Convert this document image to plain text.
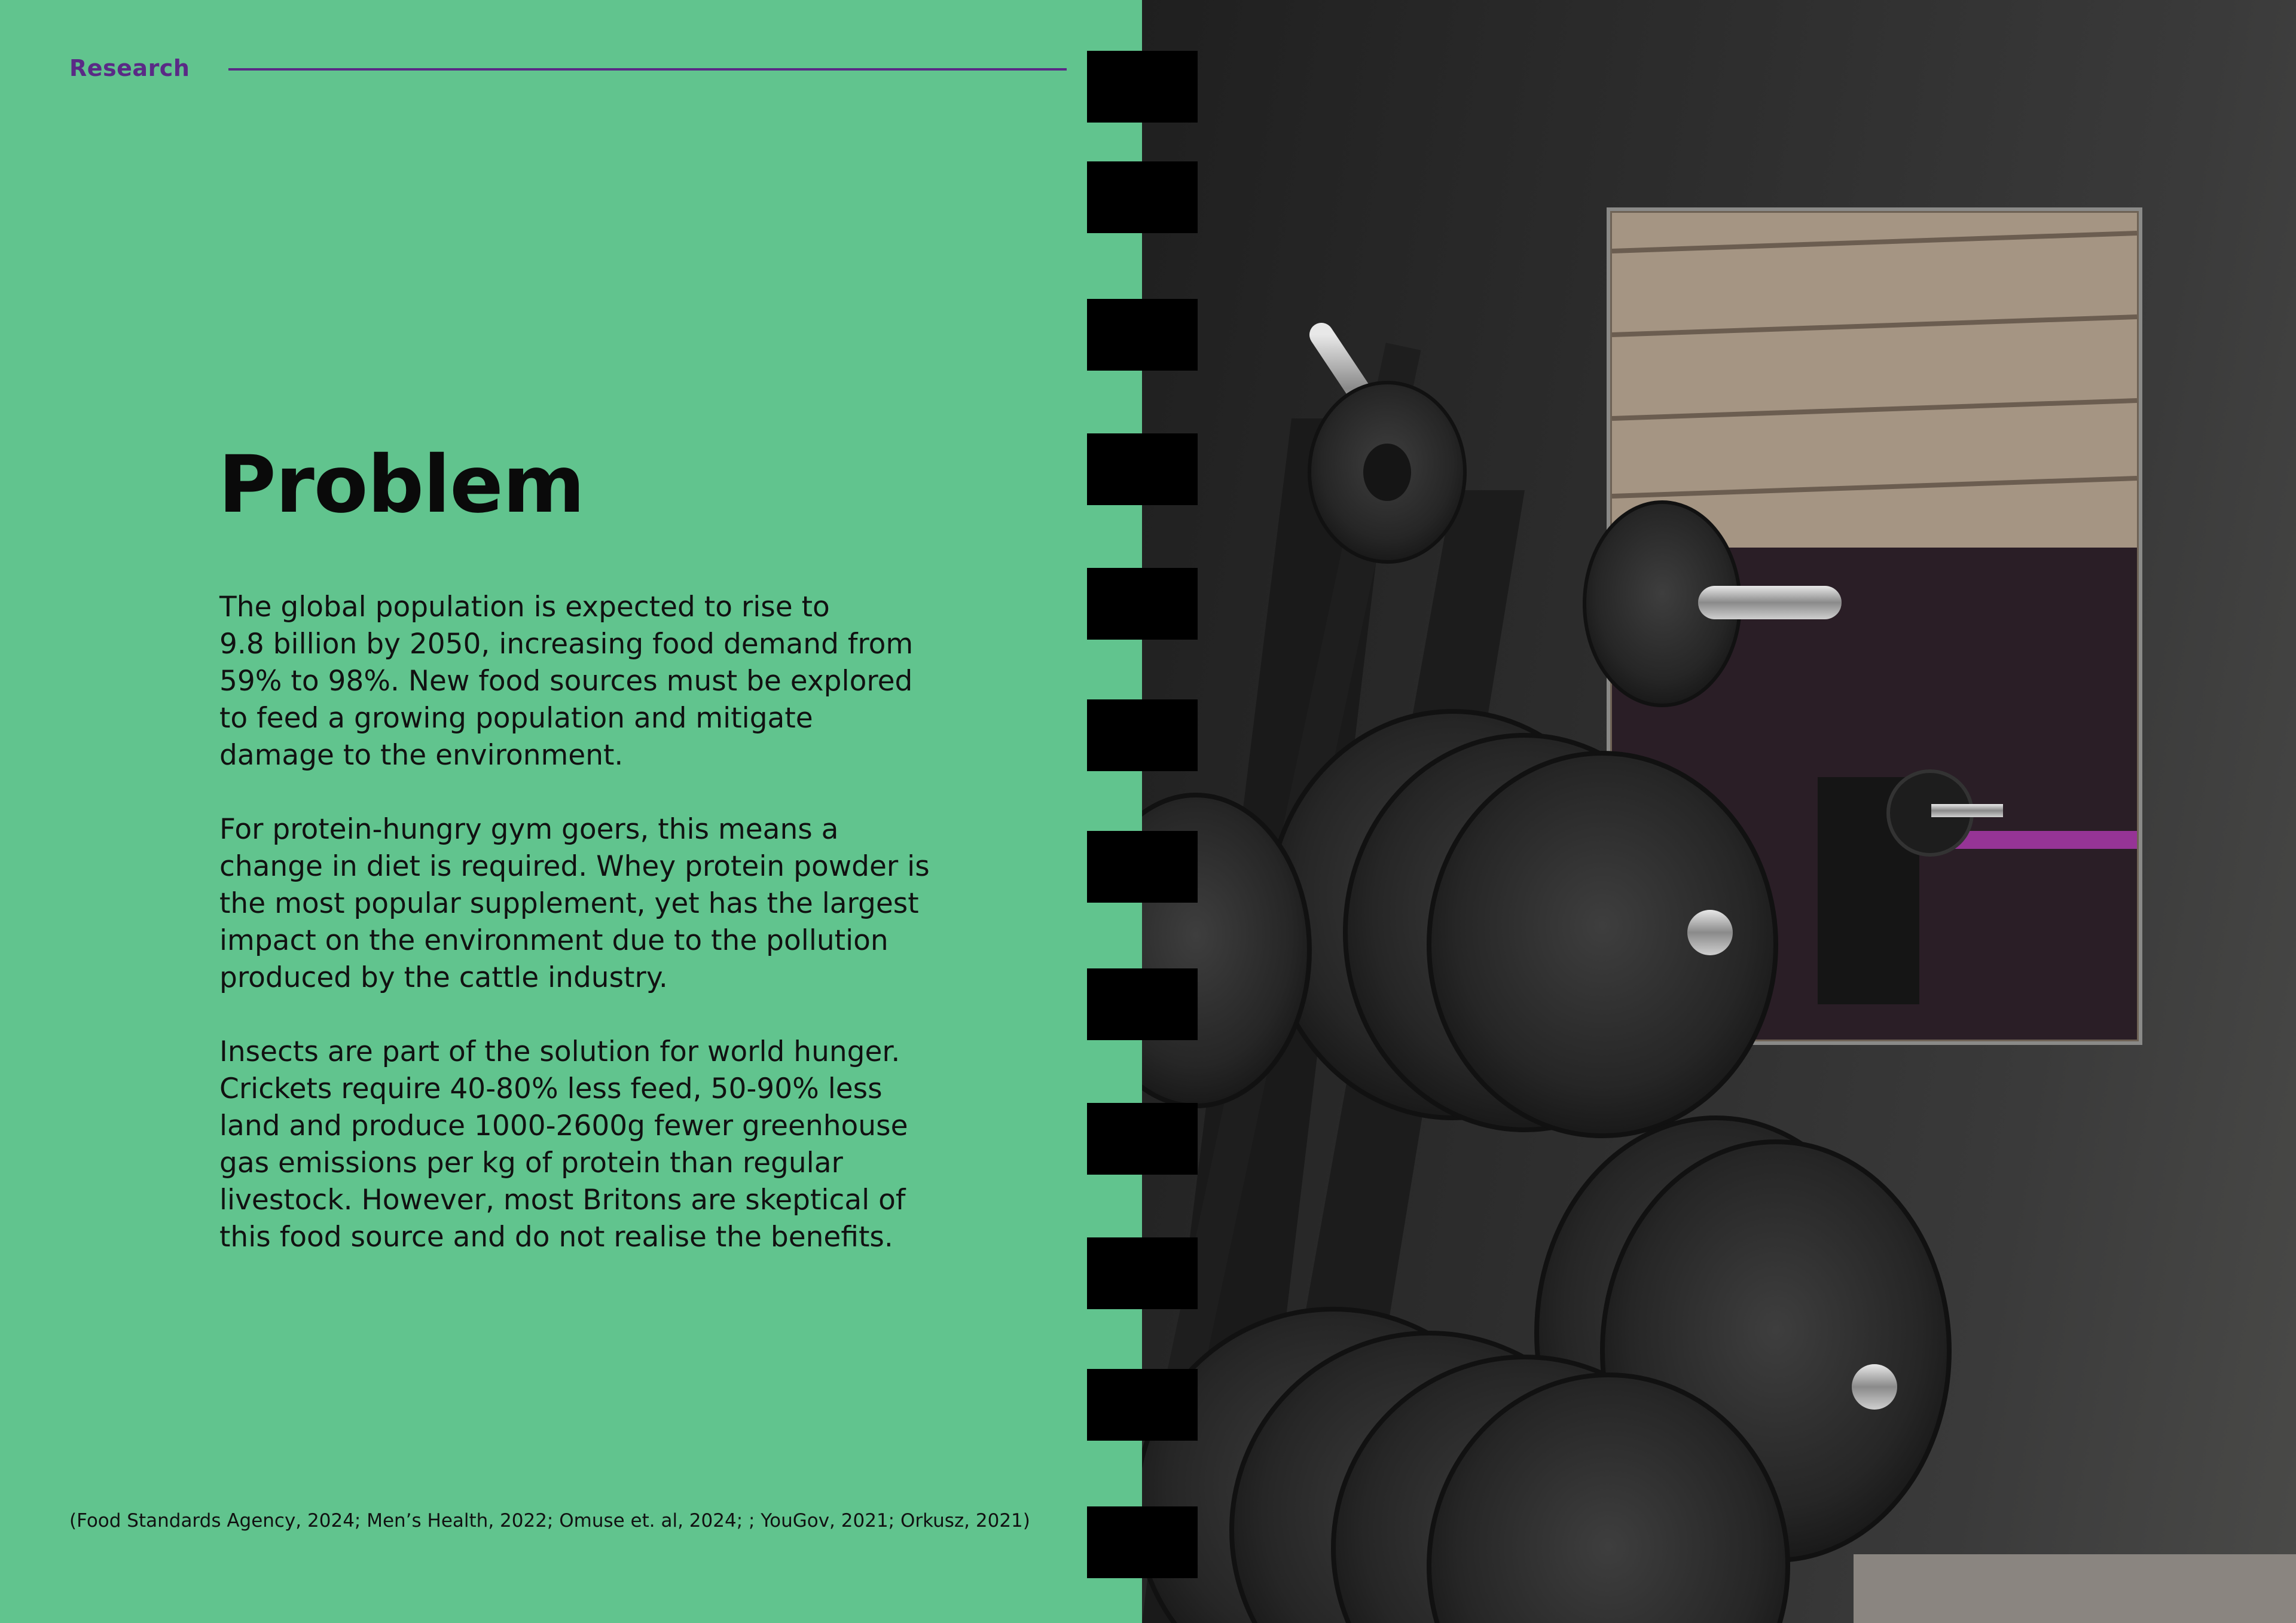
Research
Problem

The global population is expected to rise to
9.8 billion by 2050, increasing food demand from
59% to 98%. New food sources must be explored
to feed a growing population and mitigate
damage to the environment.

For protein-hungry gym goers, this means a
change in diet is required. Whey protein powder is
the most popular supplement, yet has the largest
impact on the environment due to the pollution
produced by the cattle industry.

Insects are part of the solution for world hunger.
Crickets require 40-80% less feed, 50-90% less
land and produce 1000-2600g fewer greenhouse
gas emissions per kg of protein than regular
livestock. However, most Britons are skeptical of
this food source and do not realise the benefits.

(Food Standards Agency, 2024; Men’s Health, 2022; Omuse et. al, 2024; ; YouGov, 2021; Orkusz, 2021)
